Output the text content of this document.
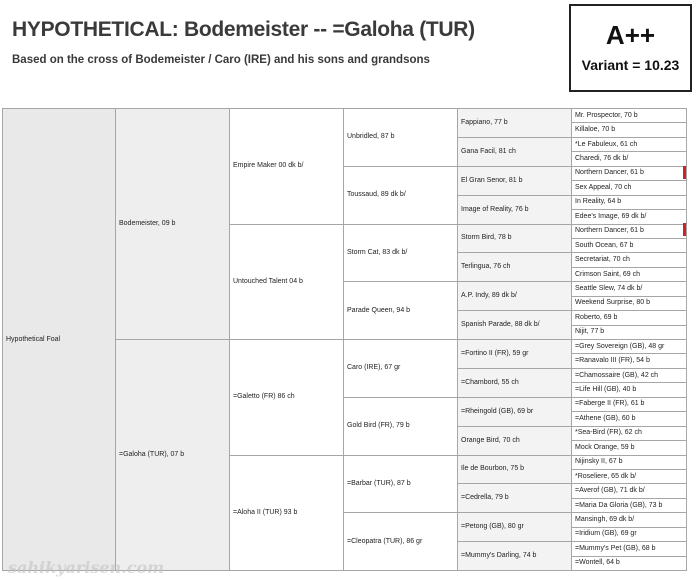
HYPOTHETICAL: Bodemeister -- =Galoha (TUR)
Based on the cross of Bodemeister / Caro (IRE) and his sons and grandsons
A++
Variant = 10.23
Hypothetical Foal	Bodemeister, 09 b	Empire Maker 00 dk b/	Unbridled, 87 b	Fappiano, 77 b	Mr. Prospector, 70 b
					Killaloe, 70 b
				Gana Facil, 81 ch	*Le Fabuleux, 61 ch
					Charedi, 76 dk b/
			Toussaud, 89 dk b/	El Gran Senor, 81 b	Northern Dancer, 61 b
					Sex Appeal, 70 ch
				Image of Reality, 76 b	In Reality, 64 b
					Edee's Image, 69 dk b/
		Untouched Talent 04 b	Storm Cat, 83 dk b/	Storm Bird, 78 b	Northern Dancer, 61 b
					South Ocean, 67 b
				Terlingua, 76 ch	Secretariat, 70 ch
					Crimson Saint, 69 ch
			Parade Queen, 94 b	A.P. Indy, 89 dk b/	Seattle Slew, 74 dk b/
					Weekend Surprise, 80 b
				Spanish Parade, 88 dk b/	Roberto, 69 b
					Nijit, 77 b
	=Galoha (TUR), 07 b	=Galetto (FR) 86 ch	Caro (IRE), 67 gr	=Fortino II (FR), 59 gr	=Grey Sovereign (GB), 48 gr
					=Ranavalo III (FR), 54 b
				=Chambord, 55 ch	=Chamossaire (GB), 42 ch
					=Life Hill (GB), 40 b
			Gold Bird (FR), 79 b	=Rheingold (GB), 69 br	=Faberge II (FR), 61 b
					=Athene (GB), 60 b
				Orange Bird, 70 ch	*Sea-Bird (FR), 62 ch
					Mock Orange, 59 b
		=Aloha II (TUR) 93 b	=Barbar (TUR), 87 b	Ile de Bourbon, 75 b	Nijinsky II, 67 b
					*Roseliere, 65 dk b/
				=Cedrella, 79 b	=Averof (GB), 71 dk b/
					=Maria Da Gloria (GB), 73 b
			=Cleopatra (TUR), 86 gr	=Petong (GB), 80 gr	Mansingh, 69 dk b/
					=Iridium (GB), 69 gr
				=Mummy's Darling, 74 b	=Mummy's Pet (GB), 68 b
					=Wontell, 64 b
sahikyarisen.com
